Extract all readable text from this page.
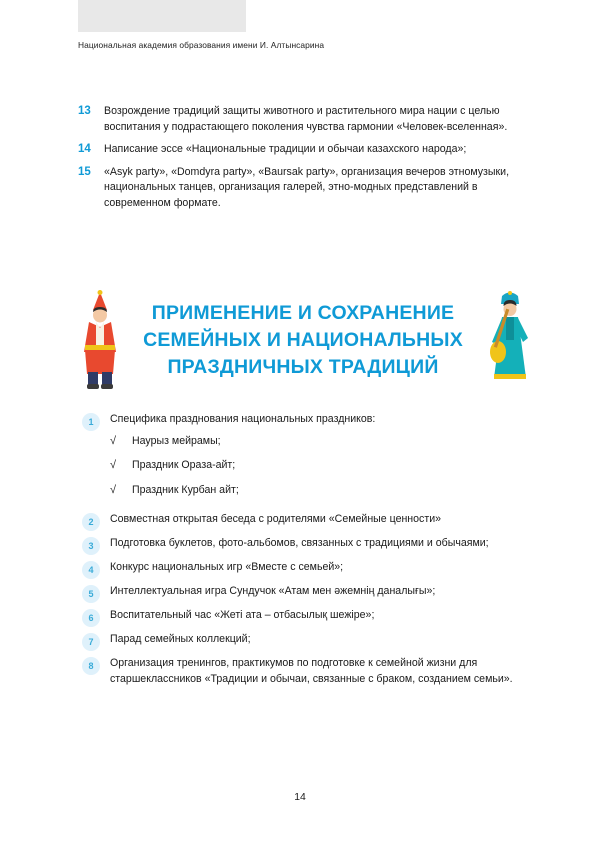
Национальная академия образования имени И. Алтынсарина
13	Возрождение традиций защиты животного и растительного мира нации с целью воспитания у подрастающего поколения чувства гармонии «Человек-вселенная».
14	Написание эссе «Национальные традиции и обычаи казахского народа»;
15	«Asyk party», «Domdyra party», «Baursak party», организация вечеров этномузыки, национальных танцев, организация галерей, этно-модных представлений в современном формате.
ПРИМЕНЕНИЕ И СОХРАНЕНИЕ СЕМЕЙНЫХ И НАЦИОНАЛЬНЫХ ПРАЗДНИЧНЫХ ТРАДИЦИЙ
1	Специфика празднования национальных праздников:
√	Наурыз мейрамы;
√	Праздник Ораза-айт;
√	Праздник Курбан айт;
2	Совместная открытая беседа с родителями «Семейные ценности»
3	Подготовка буклетов, фото-альбомов, связанных с традициями и обычаями;
4	Конкурс национальных игр «Вместе с семьей»;
5	Интеллектуальная игра Сундучок «Атам мен әжемнің даналығы»;
6	Воспитательный час «Жеті ата – отбасылық шежіре»;
7	Парад семейных коллекций;
8	Организация тренингов, практикумов по подготовке к семейной жизни для старшеклассников «Традиции и обычаи, связанные с браком, созданием семьи».
14
